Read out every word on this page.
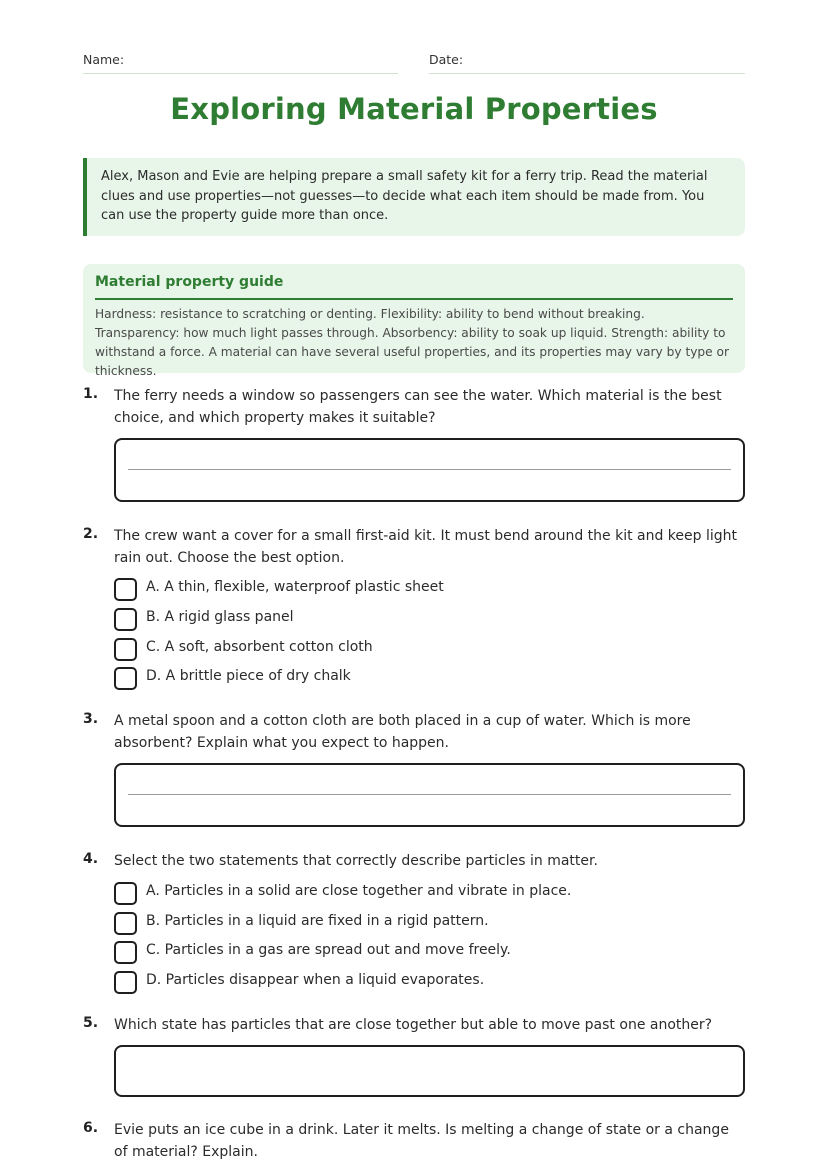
Name:	Date:
Exploring Material Properties
Alex, Mason and Evie are helping prepare a small safety kit for a ferry trip. Read the material clues and use properties—not guesses—to decide what each item should be made from. You can use the property guide more than once.
Material property guide
Hardness: resistance to scratching or denting. Flexibility: ability to bend without breaking. Transparency: how much light passes through. Absorbency: ability to soak up liquid. Strength: ability to withstand a force. A material can have several useful properties, and its properties may vary by type or thickness.
1. The ferry needs a window so passengers can see the water. Which material is the best choice, and which property makes it suitable?
2. The crew want a cover for a small first-aid kit. It must bend around the kit and keep light rain out. Choose the best option.
A. A thin, flexible, waterproof plastic sheet
B. A rigid glass panel
C. A soft, absorbent cotton cloth
D. A brittle piece of dry chalk
3. A metal spoon and a cotton cloth are both placed in a cup of water. Which is more absorbent? Explain what you expect to happen.
4. Select the two statements that correctly describe particles in matter.
A. Particles in a solid are close together and vibrate in place.
B. Particles in a liquid are fixed in a rigid pattern.
C. Particles in a gas are spread out and move freely.
D. Particles disappear when a liquid evaporates.
5. Which state has particles that are close together but able to move past one another?
6. Evie puts an ice cube in a drink. Later it melts. Is melting a change of state or a change of material? Explain.
